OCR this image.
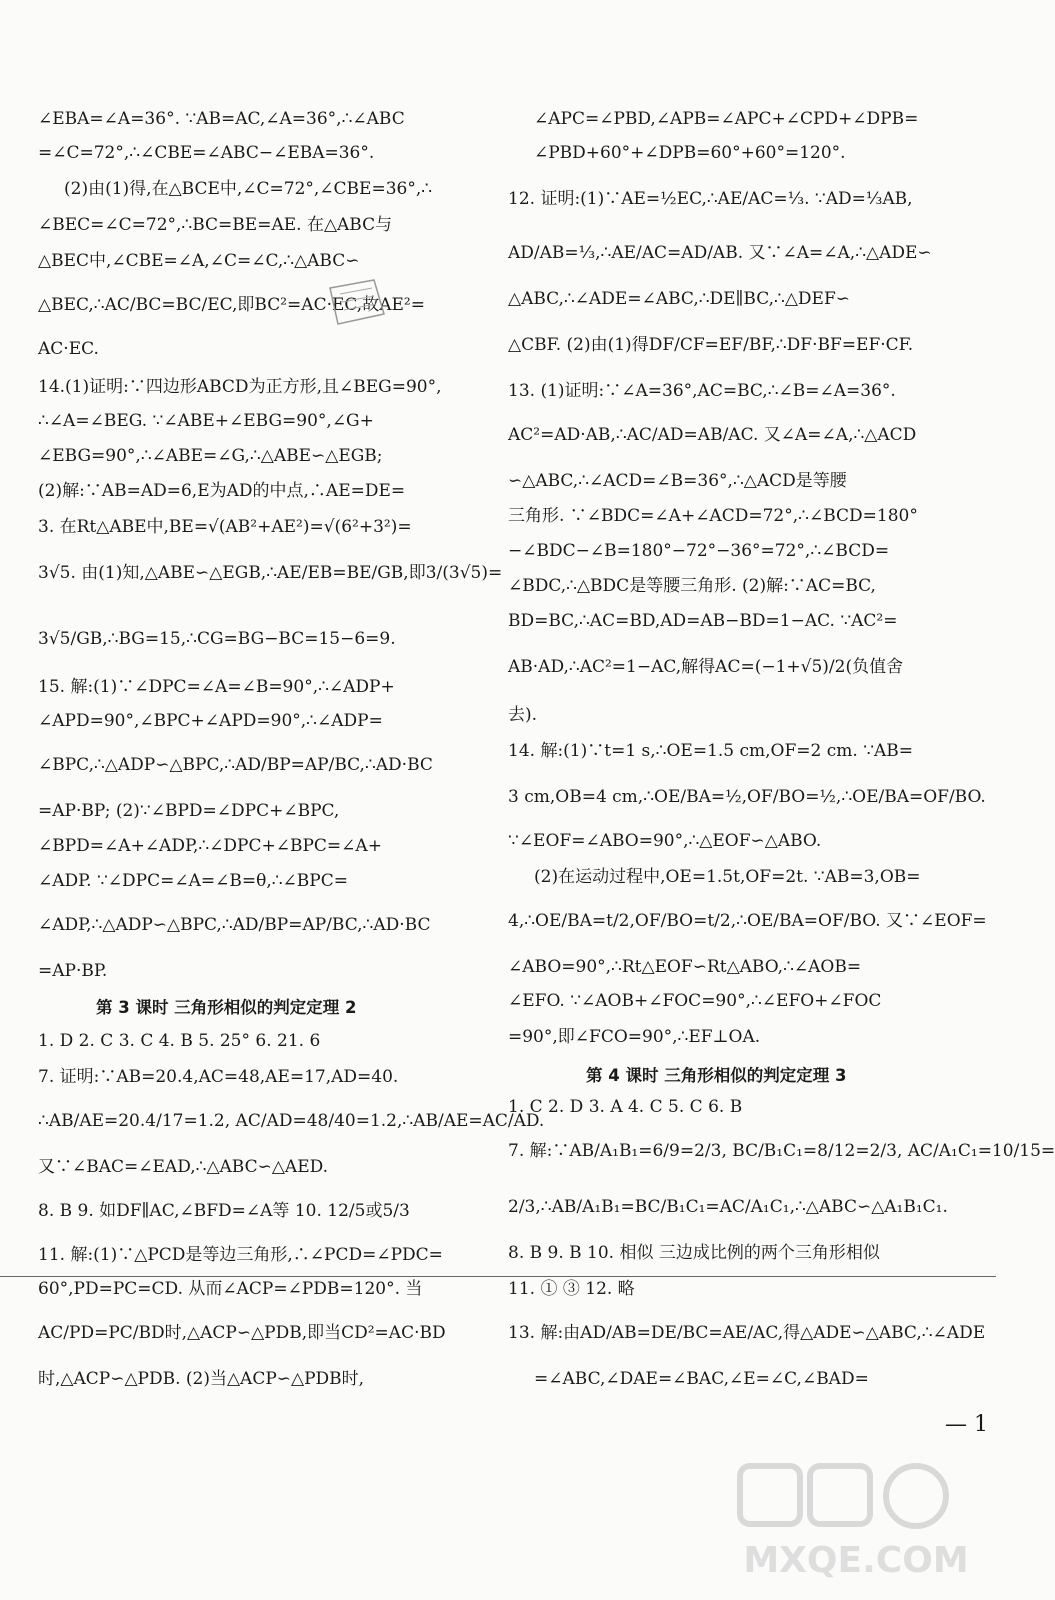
∠EBA=∠A=36°. ∵AB=AC,∠A=36°,∴∠ABC
=∠C=72°,∴∠CBE=∠ABC−∠EBA=36°.
(2)由(1)得,在△BCE中,∠C=72°,∠CBE=36°,∴
∠BEC=∠C=72°,∴BC=BE=AE. 在△ABC与
△BEC中,∠CBE=∠A,∠C=∠C,∴△ABC∽
△BEC,∴AC/BC=BC/EC,即BC²=AC·EC,故AE²=
AC·EC.
14.(1)证明:∵四边形ABCD为正方形,且∠BEG=90°,
∴∠A=∠BEG. ∵∠ABE+∠EBG=90°,∠G+
∠EBG=90°,∴∠ABE=∠G,∴△ABE∽△EGB;
(2)解:∵AB=AD=6,E为AD的中点,∴AE=DE=
3. 在Rt△ABE中,BE=√(AB²+AE²)=√(6²+3²)=
3√5. 由(1)知,△ABE∽△EGB,∴AE/EB=BE/GB,即3/(3√5)=
3√5/GB,∴BG=15,∴CG=BG−BC=15−6=9.
15. 解:(1)∵∠DPC=∠A=∠B=90°,∴∠ADP+
∠APD=90°,∠BPC+∠APD=90°,∴∠ADP=
∠BPC,∴△ADP∽△BPC,∴AD/BP=AP/BC,∴AD·BC
=AP·BP; (2)∵∠BPD=∠DPC+∠BPC,
∠BPD=∠A+∠ADP,∴∠DPC+∠BPC=∠A+
∠ADP. ∵∠DPC=∠A=∠B=θ,∴∠BPC=
∠ADP,∴△ADP∽△BPC,∴AD/BP=AP/BC,∴AD·BC
=AP·BP.
1. D 2. C 3. C 4. B 5. 25° 6. 21. 6
7. 证明:∵AB=20.4,AC=48,AE=17,AD=40.
∴AB/AE=20.4/17=1.2, AC/AD=48/40=1.2,∴AB/AE=AC/AD.
又∵∠BAC=∠EAD,∴△ABC∽△AED.
8. B 9. 如DF∥AC,∠BFD=∠A等 10. 12/5或5/3
11. 解:(1)∵△PCD是等边三角形,∴∠PCD=∠PDC=
60°,PD=PC=CD. 从而∠ACP=∠PDB=120°. 当
AC/PD=PC/BD时,△ACP∽△PDB,即当CD²=AC·BD
时,△ACP∽△PDB. (2)当△ACP∽△PDB时,
第 3 课时 三角形相似的判定定理 2
∠APC=∠PBD,∠APB=∠APC+∠CPD+∠DPB=
∠PBD+60°+∠DPB=60°+60°=120°.
12. 证明:(1)∵AE=½EC,∴AE/AC=⅓. ∵AD=⅓AB,
AD/AB=⅓,∴AE/AC=AD/AB. 又∵∠A=∠A,∴△ADE∽
△ABC,∴∠ADE=∠ABC,∴DE∥BC,∴△DEF∽
△CBF. (2)由(1)得DF/CF=EF/BF,∴DF·BF=EF·CF.
13. (1)证明:∵∠A=36°,AC=BC,∴∠B=∠A=36°.
AC²=AD·AB,∴AC/AD=AB/AC. 又∠A=∠A,∴△ACD
∽△ABC,∴∠ACD=∠B=36°,∴△ACD是等腰
三角形. ∵∠BDC=∠A+∠ACD=72°,∴∠BCD=180°
−∠BDC−∠B=180°−72°−36°=72°,∴∠BCD=
∠BDC,∴△BDC是等腰三角形. (2)解:∵AC=BC,
BD=BC,∴AC=BD,AD=AB−BD=1−AC. ∵AC²=
AB·AD,∴AC²=1−AC,解得AC=(−1+√5)/2(负值舍
去).
14. 解:(1)∵t=1 s,∴OE=1.5 cm,OF=2 cm. ∵AB=
3 cm,OB=4 cm,∴OE/BA=½,OF/BO=½,∴OE/BA=OF/BO.
∵∠EOF=∠ABO=90°,∴△EOF∽△ABO.
(2)在运动过程中,OE=1.5t,OF=2t. ∵AB=3,OB=
4,∴OE/BA=t/2,OF/BO=t/2,∴OE/BA=OF/BO. 又∵∠EOF=
∠ABO=90°,∴Rt△EOF∽Rt△ABO,∴∠AOB=
∠EFO. ∵∠AOB+∠FOC=90°,∴∠EFO+∠FOC
=90°,即∠FCO=90°,∴EF⊥OA.
1. C 2. D 3. A 4. C 5. C 6. B
7. 解:∵AB/A₁B₁=6/9=2/3, BC/B₁C₁=8/12=2/3, AC/A₁C₁=10/15=
2/3,∴AB/A₁B₁=BC/B₁C₁=AC/A₁C₁,∴△ABC∽△A₁B₁C₁.
8. B 9. B 10. 相似 三边成比例的两个三角形相似
11. ① ③ 12. 略
13. 解:由AD/AB=DE/BC=AE/AC,得△ADE∽△ABC,∴∠ADE
=∠ABC,∠DAE=∠BAC,∠E=∠C,∠BAD=
第 4 课时 三角形相似的判定定理 3
— 1
MXQE.COM
